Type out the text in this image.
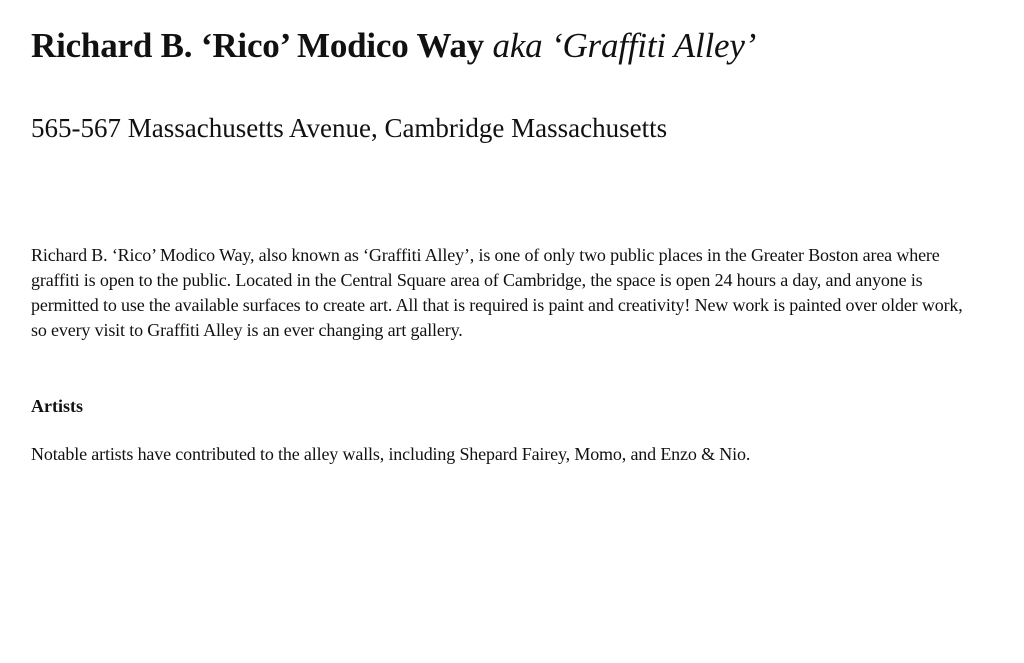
Richard B. ‘Rico’ Modico Way aka ‘Graffiti Alley’
565-567 Massachusetts Avenue, Cambridge Massachusetts

Richard B. ‘Rico’ Modico Way, also known as ‘Graffiti Alley’, is one of only two public places in the Greater Boston area where graffiti is open to the public. Located in the Central Square area of Cambridge, the space is open 24 hours a day, and anyone is permitted to use the available surfaces to create art. All that is required is paint and creativity! New work is painted over older work, so every visit to Graffiti Alley is an ever changing art gallery.

Artists

Notable artists have contributed to the alley walls, including Shepard Fairey, Momo, and Enzo & Nio.
